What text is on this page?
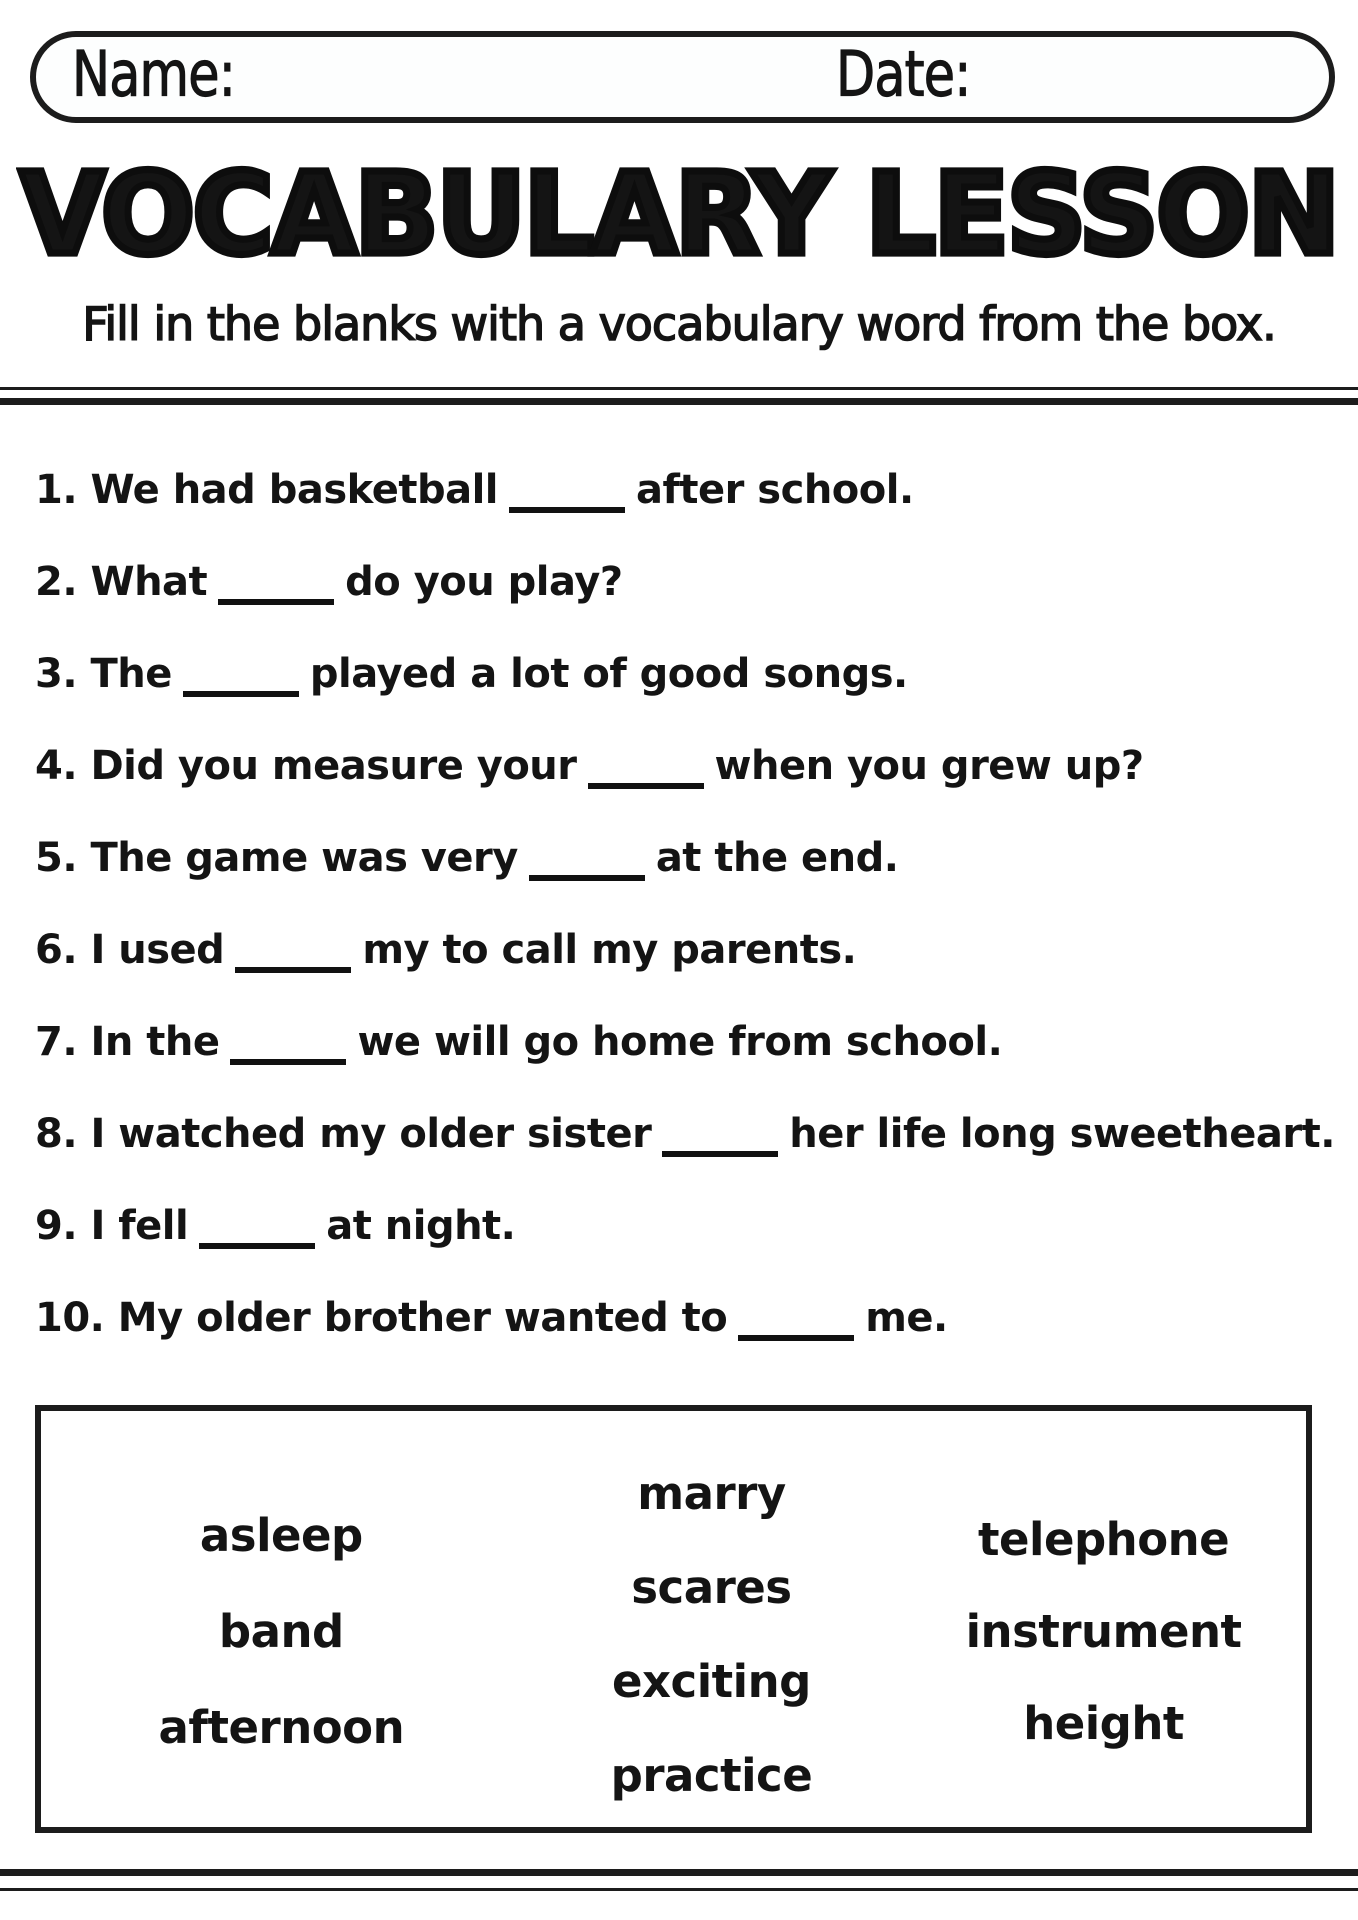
Name:	Date:
VOCABULARY LESSON
Fill in the blanks with a vocabulary word from the box.
1. We had basketball	after school.
2. What	do you play?
3. The	played a lot of good songs.
4. Did you measure your	when you grew up?
5. The game was very	at the end.
6. I used	my to call my parents.
7. In the	we will go home from school.
8. I watched my older sister	her life long sweetheart.
9. I fell	at night.
10. My older brother wanted to	me.
asleep
band
afternoon
marry
scares
exciting
practice
telephone
instrument
height
